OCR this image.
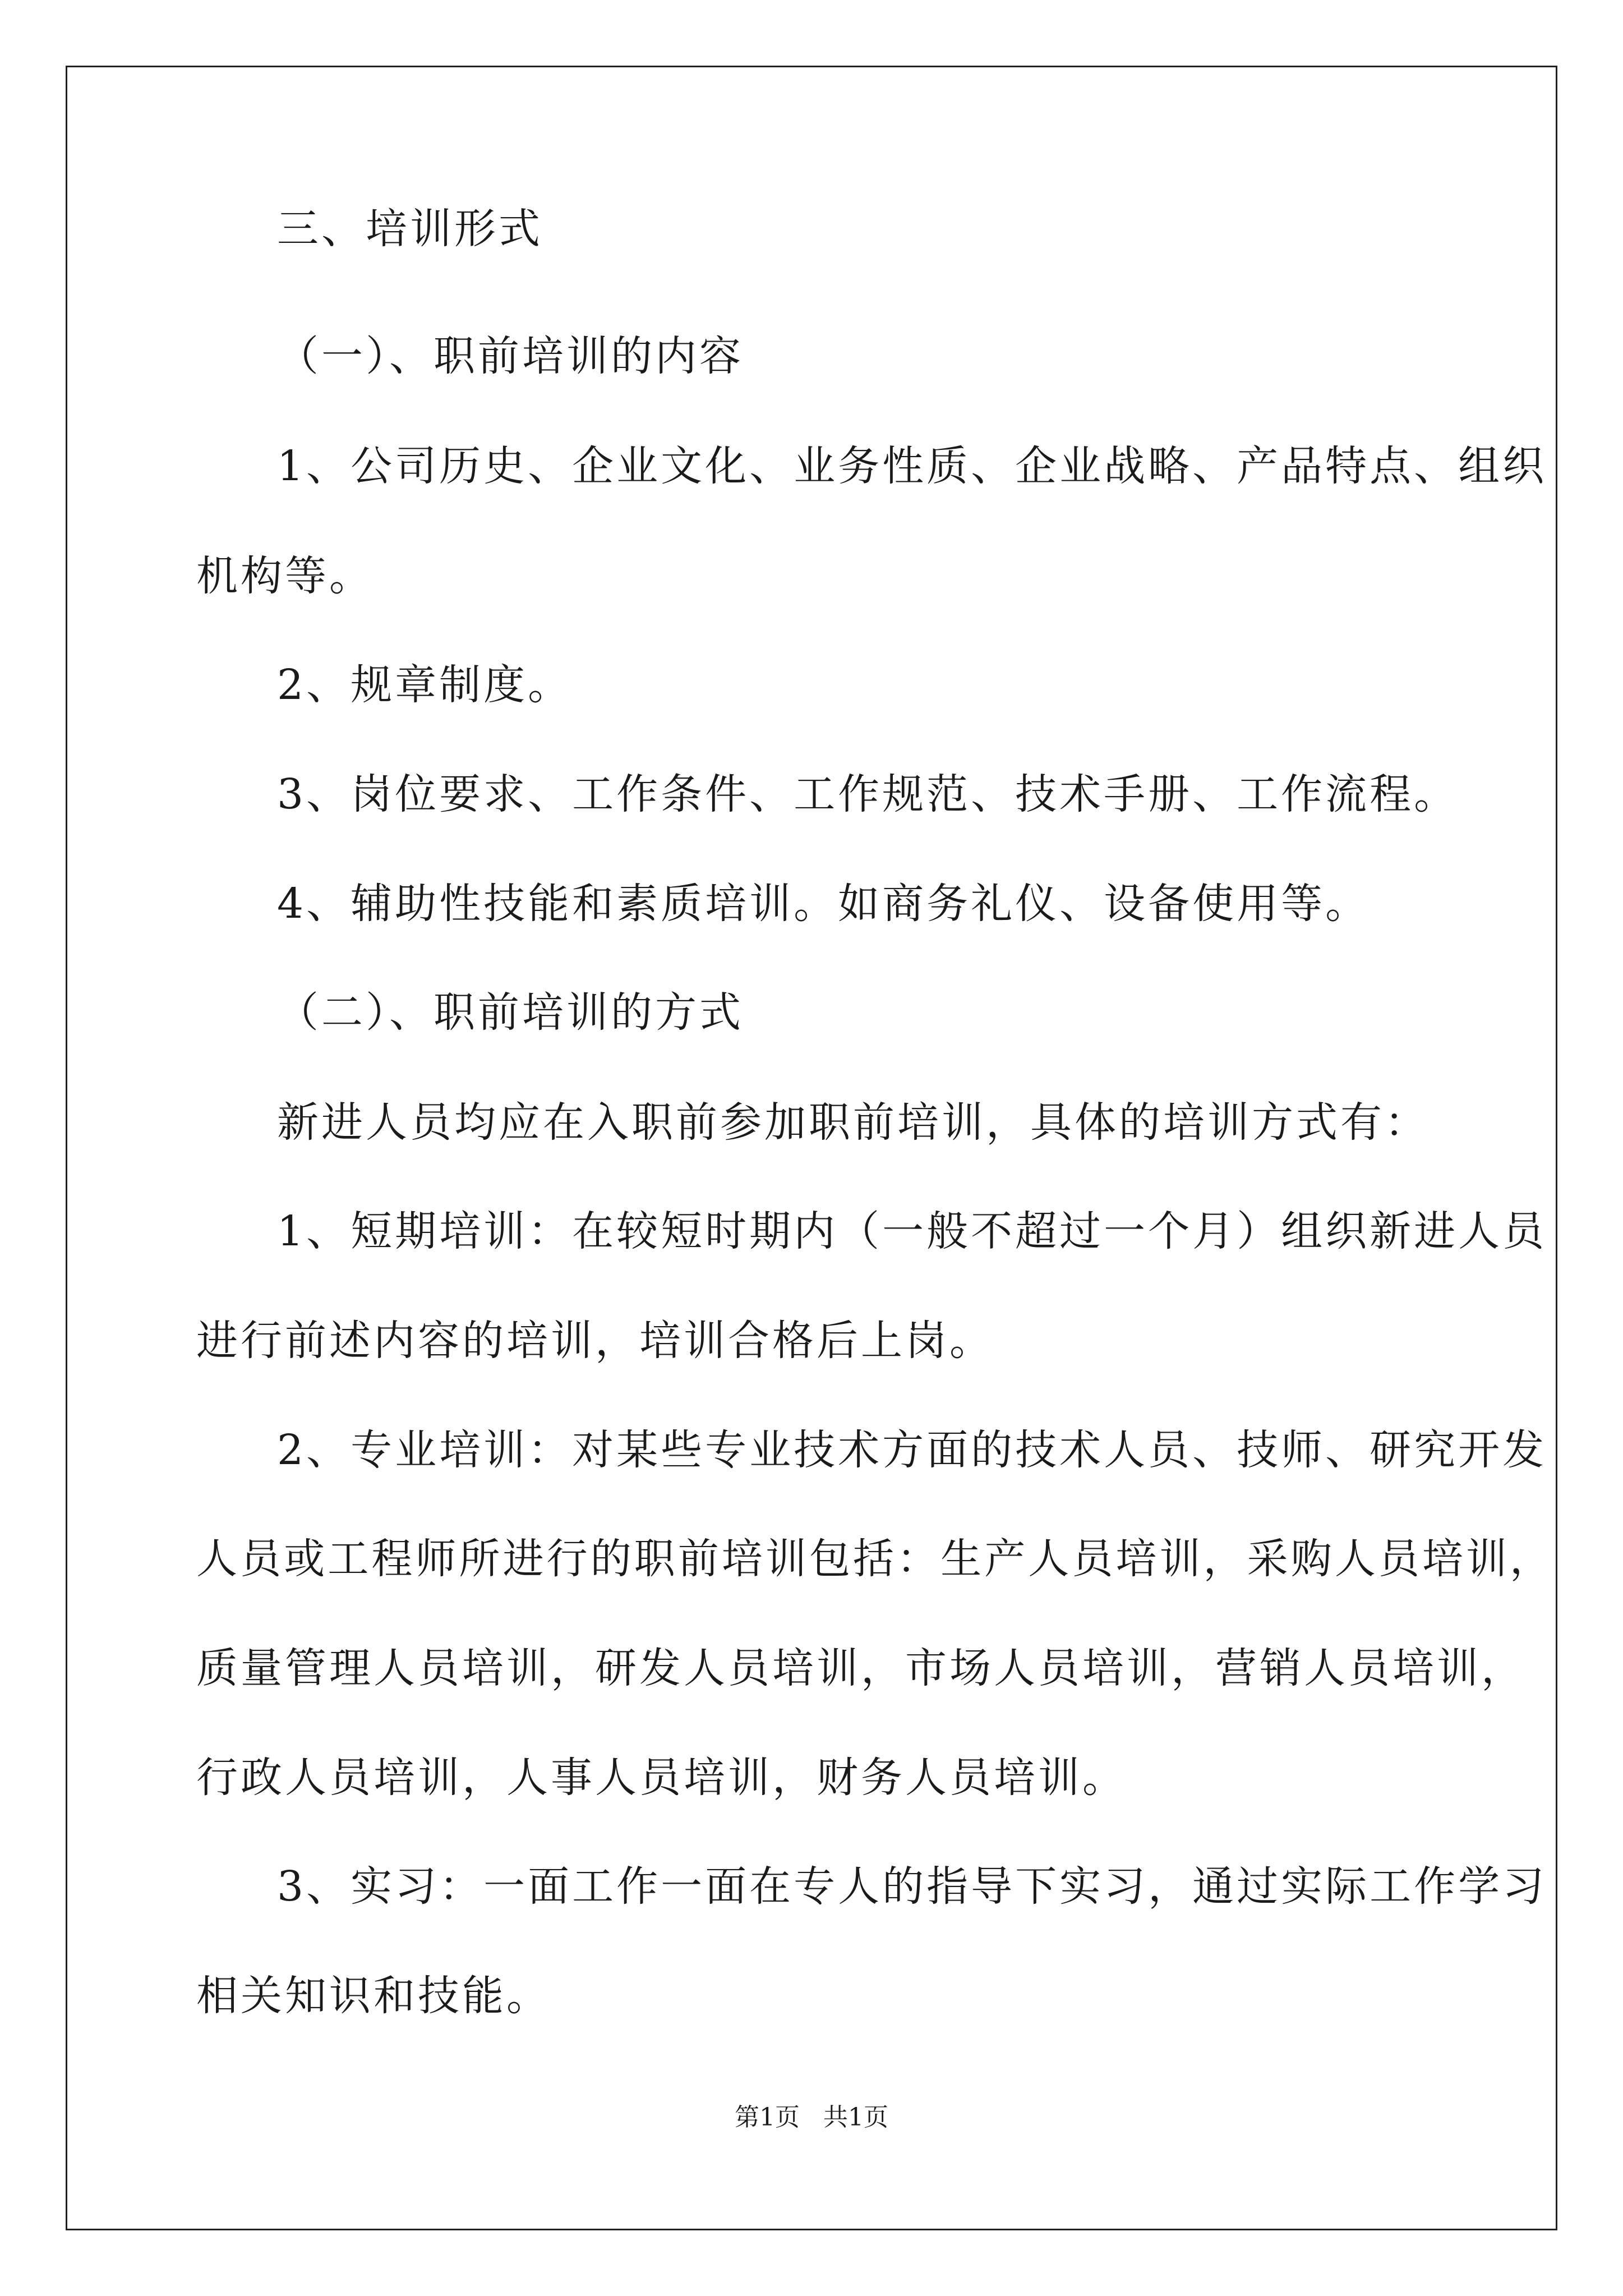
三、培训形式
（一）、职前培训的内容
1、公司历史、企业文化、业务性质、企业战略、产品特点、组织
机构等。
2、规章制度。
3、岗位要求、工作条件、工作规范、技术手册、工作流程。
4、辅助性技能和素质培训。如商务礼仪、设备使用等。
（二）、职前培训的方式
新进人员均应在入职前参加职前培训，具体的培训方式有：
1、短期培训：在较短时期内（一般不超过一个月）组织新进人员
进行前述内容的培训，培训合格后上岗。
2、专业培训：对某些专业技术方面的技术人员、技师、研究开发
人员或工程师所进行的职前培训包括：生产人员培训，采购人员培训，
质量管理人员培训，研发人员培训，市场人员培训，营销人员培训，
行政人员培训，人事人员培训，财务人员培训。
3、实习：一面工作一面在专人的指导下实习，通过实际工作学习
相关知识和技能。
第1页   共1页
